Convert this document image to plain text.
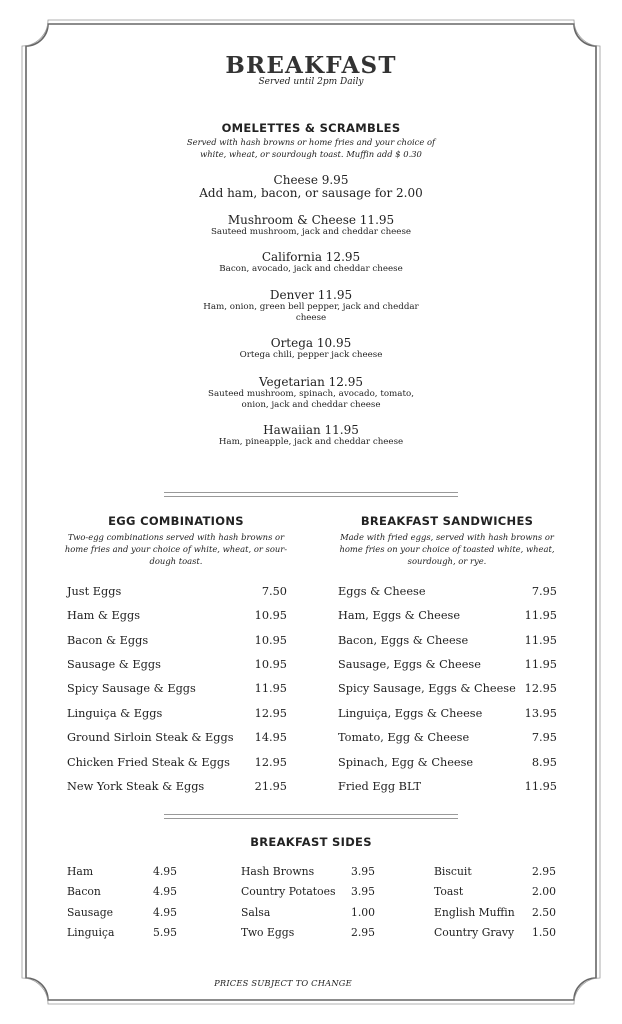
BREAKFAST
Served until 2pm Daily
OMELETTES & SCRAMBLES
Served with hash browns or home fries and your choice of
white, wheat, or sourdough toast. Muffin add $ 0.30
Cheese 9.95
Add ham, bacon, or sausage for 2.00
Mushroom & Cheese 11.95
Sauteed mushroom, jack and cheddar cheese
California 12.95
Bacon, avocado, jack and cheddar cheese
Denver 11.95
Ham, onion, green bell pepper, jack and cheddar
cheese
Ortega 10.95
Ortega chili, pepper jack cheese
Vegetarian 12.95
Sauteed mushroom, spinach, avocado, tomato,
onion, jack and cheddar cheese
Hawaiian 11.95
Ham, pineapple, jack and cheddar cheese
EGG COMBINATIONS
Two-egg combinations served with hash browns or
home fries and your choice of white, wheat, or sour-
dough toast.
Just Eggs	7.50
Ham & Eggs	10.95
Bacon & Eggs	10.95
Sausage & Eggs	10.95
Spicy Sausage & Eggs	11.95
Linguiça & Eggs	12.95
Ground Sirloin Steak & Eggs	14.95
Chicken Fried Steak & Eggs	12.95
New York Steak & Eggs	21.95
BREAKFAST SANDWICHES
Made with fried eggs, served with hash browns or
home fries on your choice of toasted white, wheat,
sourdough, or rye.
Eggs & Cheese	7.95
Ham, Eggs & Cheese	11.95
Bacon, Eggs & Cheese	11.95
Sausage, Eggs & Cheese	11.95
Spicy Sausage, Eggs & Cheese 12.95
Linguiça, Eggs & Cheese	13.95
Tomato, Egg & Cheese	7.95
Spinach, Egg & Cheese	8.95
Fried Egg BLT	11.95
BREAKFAST SIDES
Ham	4.95
Bacon	4.95
Sausage	4.95
Linguiça	5.95
Hash Browns	3.95
Country Potatoes	3.95
Salsa	1.00
Two Eggs	2.95
Biscuit	2.95
Toast	2.00
English Muffin	2.50
Country Gravy	1.50
PRICES SUBJECT TO CHANGE
